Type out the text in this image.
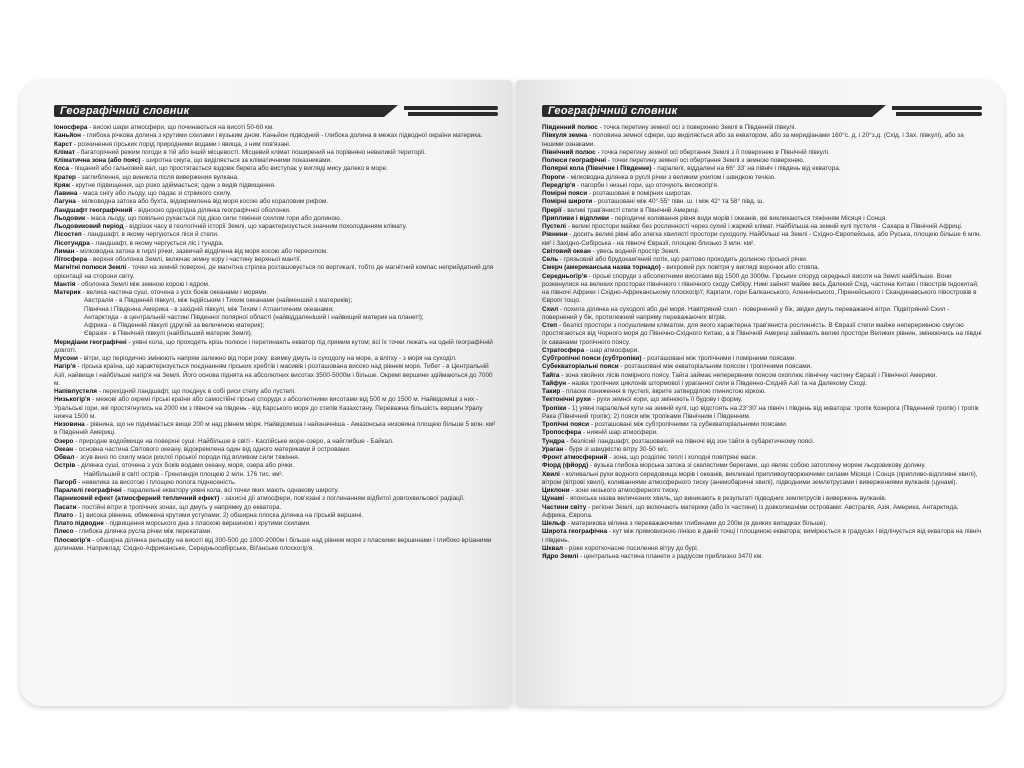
Географічний словник
Іоносфера - високі шари атмосфери, що починаються на висоті 50-60 км.
Каньйон - глибока річкова долина з крутими схилами і вузьким дном. Каньйон підводний - глибока долина в межах підводної окраїни материка.
Карст - розчинення гірських порід природними водами і явища, з ним пов'язані.
Клімат - багаторічний режим погоди в тій або іншій місцевості. Місцевий клімат поширений на порівняно невеликій території.
Кліматична зона (або пояс) - широтна смуга, що виділяється за кліматичними показниками.
Коса - піщаний або гальковий вал, що простягається вздовж берега або виступає у вигляді мису далеко в море.
Кратер - заглиблення, що виникла після вивержения вулкана.
Кряж - крутне підвищення, що різко здіймається; один з видів підвищення.
Лавина - маса снігу або льоду, що падає зі стрімкого схилу.
Лагуна - мілководна затока або бухта, відокремлена від моря косою або кораловим рифом.
Ландшафт географічний - відносно однорідна ділянка географічної оболонки.
Льодовик - маса льоду, що повільно рухається під дією сили тяжіння схилом гори або долиною.
Льодовиковий період - відрізок часу в геологічній історії Землі, що характеризується значним похолоданням клімату.
Лісостеп - ландшафт, в якому чергуються ліси й степи.
Лісотундра - ландшафт, в якому чергується ліс і тундра.
Лиман - мілководна затока в гирлі річки, зазвичай відділена від моря косою або пересипом.
Літосфера - верхня оболонка Землі, включає земну кору і частину верхньої мантії.
Магнітні полюси Землі - точки на земній поверхні, де магнітна стрілка розташовується по вертикалі, тобто де магнітний компас неприйдатний для орієнтації на сторони світу.
Мантія - оболонка Землі між земною корою і ядром.
Материк - велика частина суші, оточена з усіх боків океанами і морями.
Австралія - в Південній півкулі, між Індійським і Тихим океанами (найменший з материків);
Північна і Південна Америка - в західній півкулі, між Тихим і Атлантичним океанами;
Антарктида - в центральній частині Південної полярної області (найвіддаленіший і найвищий материк на планеті);
Африка - в Південній півкулі (другий за величиною материк);
Євразія - в Північній півкулі (найбільший материк Землі).
Меридіани географічні - уявні кола, що проходять крізь полюси і перетинають екватор під прямим кутом; всі їх точки лежать на одній географічній довготі.
Мусони - вітри, що періодично змінюють напрям залежно від пори року: взимку дмуть із суходолу на море, а влітку - з моря на суходіл.
Нагір'я - гірська країна, що характеризується поєднанням гірських хребтів і масивів і розташована високо над рівнем моря. Тибет - в Центральній Азії, найвище і найбільше нагір'я на Землі. Його основа піднята на абсолютних висотах 3500-5000м і більше. Окремі вершини здіймаються до 7000 м.
Напівпустеля - перехідний ландшафт, що поєднує в собі риси степу або пустелі.
Низькогір'я - межові або окремі гірські країни або самостійні гірські споруди з абсолютними висотами від 500 м до 1500 м. Найвідоміші з них - Уральські гори, які простягнулись на 2000 км з півночі на південь - від Карського моря до степів Казахстану. Переважна більшість вершин Уралу нижча 1500 м.
Низовина - рівнина, що не піднімається вище 200 м над рівнем моря. Найвідоміша і найзначніша - Амазонська низовина площею більше 5 млн. км² в Південній Америці.
Озеро - природне водоймище на поверхні суші. Найбільше в світі - Каспійське море-озеро, а найглибше - Байкал.
Океан - основна частина Світового океану, відокремлена один від одного материками й островами.
Обвал - зсув вниз по схилу маси рихлої гірської породи під впливом сили тяжіння.
Острів - ділянка суші, оточена з усіх боків водами океану, моря, озера або річки.
Найбільший в світі острів - Гренландія площею 2 млн. 176 тис. км².
Пагорб - невелика за висотою і площею полога піднесеність.
Паралелі географічні - паралельні екватору уявні кола, всі точки яких мають однакову широту.
Парниковий ефект (атмосферний тепличний ефект) - захисні дії атмосфери, пов'язані з поглинанням відбитої довгохвильової радіації.
Пасати - постійні вітри в тропічних зонах, що дмуть у напрямку до екватора.
Плато - 1) висока рівнина, обмежена крутими уступами; 2) обширна плоска ділянка на гірській вершині.
Плато підводне - підвищення морського дна з пласкою вершиною і крутими схилами.
Плесо - глибока ділянка русла річки між перекатами.
Плоскогір'я - обширна ділянка рельєфу на висоті від 300-500 до 1000-2000м і більше над рівнем моря з пласкими вершинами і глибоко врізаними долинами. Наприклад: Східно-Африканське, Середньосибірське, Віґанське плоскогір'я.
Географічний словник
Південний полюс - точка перетину земної осі з поверхнею Землі в Південній півкулі.
Півкуля земна - половина земної сфери, що виділяється або за екватором, або за меридіанами 160°с. д. і 20°з.д. (Схід. і Зах. півкулі), або за іншими ознаками.
Північний полюс - точка перетину земної осі обертання Землі з її поверхнею в Північній півкулі.
Полюси географічні - точки перетину земної осі обертання Землі з земною поверхнею.
Полярні кола (Північне і Південне) - паралелі, віддалені на 66° 33' на північ і південь від екватора.
Пороги - мілководна ділянка в руслі річки з великим ухилом і швидкою течією.
Передгір'я - пагорби і низькі гори, що оточують високогір'я.
Помірні пояси - розташовані в помірних широтах.
Помірні широти - розташовані між 40°-55° півн. ш. і між 42° та 58° півд. ш.
Прерії - великі трав'янисті степи в Північній Америці.
Припливи і відпливи - періодичні коливання рівня води морів і океанів, які викликаються тяжінням Місяця і Сонця.
Пустелі - великі простори майже без рослинності через сухий і жаркий клімат. Найбільша на земній кулі пустеля - Сахара в Північній Африці.
Рівнини - досить великі рівні або злегка хвилясті простори суходолу. Найбільші на Землі - Східно-Європейська, або Руська, площею більше 6 млн. км² і Західно-Сибірська - на півночі Євразії, площею близько 3 млн. км².
Світовий океан - увесь водний простір Землі.
Сель - грязьовий або брудокам'яний потік, що раптово проходить долиною гірської річки.
Смерч (американська назва торнадо) - вихровий рух повітря у вигляді воронки або стовпа.
Середньогір'я - гірські споруди з абсолютними висотами від 1500 до 3000м. Гірських споруд середньої висоти на Землі найбільше. Вони розкинулися на великих просторах північного і північного сходу Сибіру. Нимі зайнят майже весь Далекий Схід, частина Китаю і півострів Індокитай; на півночі Африки і Східно-Африканському плоскогір'ї; Карпати, гори Балканського, Апеннінського, Піренейського і Скандинавського півостровів в Європі тощо.
Схил - похила ділянка на суходолі або дні моря. Навітряний схил - повернений у бік, звідки дмуть переважаючі вітри. Підвітряний Схил - повернений у бік, протилежний напряму переважаючих вітрів.
Степ - безлісі простори з посушливим кліматом, для якого характерна трав'яниста рослинність. В Євразії степи майже непереривною смугою простягаються від Чорного моря до Північно-Східного Китаю, а в Північній Америці займають великі простори Великих рівнин, змінюючись на півдні їх саванами тропічного поясу.
Стратосфера - шар атмосфери.
Субтропічні пояси (субтропіки) - розташовані між тропічними і помірними поясами.
Субекваторіальні пояси - розташовані між екваторіальним поясом і тропічними поясами.
Тайга - зона хвойних лісів помірного поясу. Тайга займає неперервним поясом охоплює північну частину Євразії і Північної Америки.
Тайфун - назва тропічних циклонів штормової і ураганної сили в Південно-Східній Азії та на Далекому Сході.
Такир - пласке пониження в пустелі, вкрите затверділою глинистою кіркою.
Тектонічні рухи - рухи земної кори, що змінюють її будову і форму.
Тропіки - 1) уявні паралельні кути на земній кулі, що відстоять на 23°30' на північ і південь від екватора: тропік Козерога (Південний тропік) і тропік Рака (Північний тропік); 2) пояси між тропіками Північним і Південним.
Тропічні пояси - розташовані між субтропічними та субекваторіальними поясами.
Тропосфера - нижній шар атмосфери.
Тундра - безлісий ландшафт, розташований на півночі від зон тайги в субарктичному поясі.
Ураган - буря зі швидкістю вітру 30-50 м/с.
Фронт атмосферний - зона, що розділяє теплі і холодні повітряні маси.
Фіорд (фйорд) - вузька глибока морська затока зі скелястими берегами, що являє собою затоплену морем льодовикову долину.
Хвилі - коливальні рухи водного середовища морів і океанів, викликані припливоутворюючими силами Місяця і Сонця (припливо-відпливні хвилі), вітром (вітрові хвилі), коливаннями атмосферного тиску (анемобаричні хвилі), підводними землетрусами і вивержениями вулканів (цунамі).
Циклони - зони низького атмосферного тиску.
Цунамі - японська назва величезних хвиль, що виникають в результаті підводних землетрусів і вивержень вулканів.
Частини світу - регіони Землі, що включають материки (або їх частини) із довколишніми островами: Австралія, Азія, Америка, Антарктида, Африка, Європа.
Шельф - материкова мілина з переважаючими глибинами до 200м (в деяких випадках більше).
Широта географічна - кут між прямовисною лінією в даній точці і площиною екватора; вимірюється в градусах і відлічується від екватора на північ і південь.
Шквал - різке короткочасне посилення вітру до бурі.
Ядро Землі - центральна частина планети з радіусом приблизно 3470 км.
